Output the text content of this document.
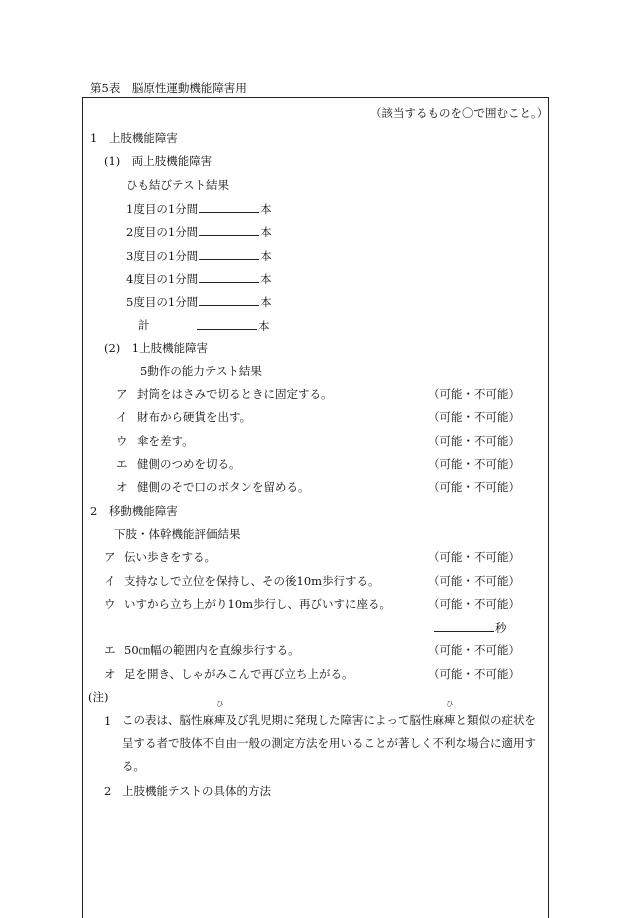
第5表　脳原性運動機能障害用
（該当するものを〇で囲むこと。）
1　上肢機能障害
(1)　両上肢機能障害
ひも結びテスト結果
1度目の1分間	本
2度目の1分間	本
3度目の1分間	本
4度目の1分間	本
5度目の1分間	本
計	本
(2)　1上肢機能障害
5動作の能力テスト結果
ア 封筒をはさみで切るときに固定する。	（可能・不可能）
イ 財布から硬貨を出す。	（可能・不可能）
ウ 傘を差す。	（可能・不可能）
エ 健側のつめを切る。	（可能・不可能）
オ 健側のそで口のボタンを留める。	（可能・不可能）
2　移動機能障害
下肢・体幹機能評価結果
ア 伝い歩きをする。	（可能・不可能）
イ 支持なしで立位を保持し、その後10m歩行する。	（可能・不可能）
ウ いすから立ち上がり10m歩行し、再びいすに座る。	（可能・不可能）
秒
エ 50㎝幅の範囲内を直線歩行する。	（可能・不可能）
オ 足を開き、しゃがみこんで再び立ち上がる。	（可能・不可能）
(注)
1 この表は、脳性麻痺
ひ
及び乳児期に発現した障害によって脳性麻痺
ひ
と類似の症状を呈する者で肢体不自由一般の測定方法を用いることが著しく不利な場合に適用する。
2 上肢機能テストの具体的方法
